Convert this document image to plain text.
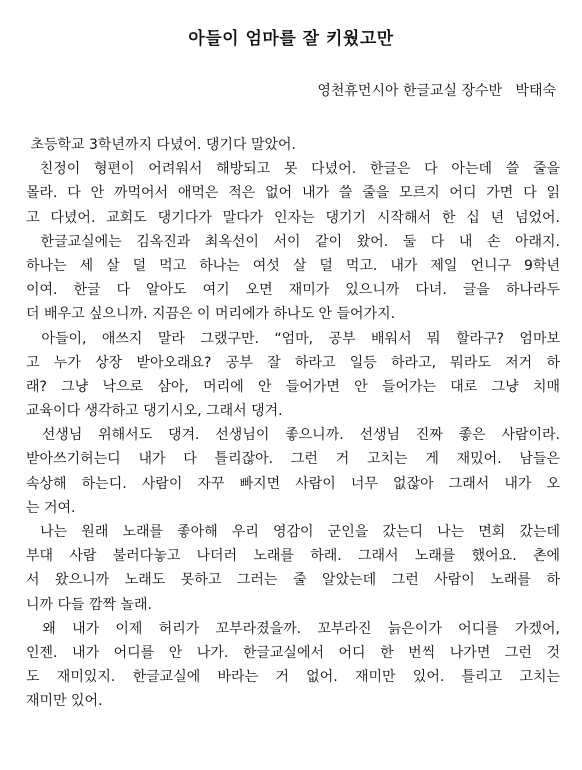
아들이 엄마를 잘 키웠고만
영천휴먼시아 한글교실 장수반   박태숙
초등학교 3학년까지 다녔어. 댕기다 말았어.
친정이 형편이 어려워서 해방되고 못 다녔어. 한글은 다 아는데 쓸 줄을
몰라. 다 안 까먹어서 애먹은 적은 없어 내가 쓸 줄을 모르지 어디 가면 다 읽
고 다녔어. 교회도 댕기다가 말다가 인자는 댕기기 시작해서 한 십 년 넘었어.
한글교실에는 김옥진과 최옥선이 서이 같이 왔어. 둘 다 내 손 아래지.
하나는 세 살 덜 먹고 하나는 여섯 살 덜 먹고. 내가 제일 언니구 9학년
이여. 한글 다 알아도 여기 오면 재미가 있으니까 다녀. 글을 하나라두
더 배우고 싶으니까. 지끔은 이 머리에가 하나도 안 들어가지.
아들이, 애쓰지 말라 그랬구만. “엄마, 공부 배워서 뭐 할라구? 엄마보
고 누가 상장 받아오래요? 공부 잘 하라고 일등 하라고, 뭐라도 저거 하
래? 그냥 낙으로 삼아, 머리에 안 들어가면 안 들어가는 대로 그냥 치매
교육이다 생각하고 댕기시오, 그래서 댕겨.
선생님 위해서도 댕겨. 선생님이 좋으니까. 선생님 진짜 좋은 사람이라.
받아쓰기허는디 내가 다 틀리잖아. 그런 거 고치는 게 재밌어. 남들은
속상해 하는디. 사람이 자꾸 빠지면 사람이 너무 없잖아 그래서 내가 오
는 거여.
나는 원래 노래를 좋아해 우리 영감이 군인을 갔는디 나는 면회 갔는데
부대 사람 불러다놓고 나더러 노래를 하래. 그래서 노래를 했어요. 촌에
서 왔으니까 노래도 못하고 그러는 줄 알았는데 그런 사람이 노래를 하
니까 다들 깜짝 놀래.
왜 내가 이제 허리가 꼬부라졌을까. 꼬부라진 늙은이가 어디를 가겠어,
인젠. 내가 어디를 안 나가. 한글교실에서 어디 한 번씩 나가면 그런 것
도 재미있지. 한글교실에 바라는 거 없어. 재미만 있어. 틀리고 고치는
재미만 있어.
